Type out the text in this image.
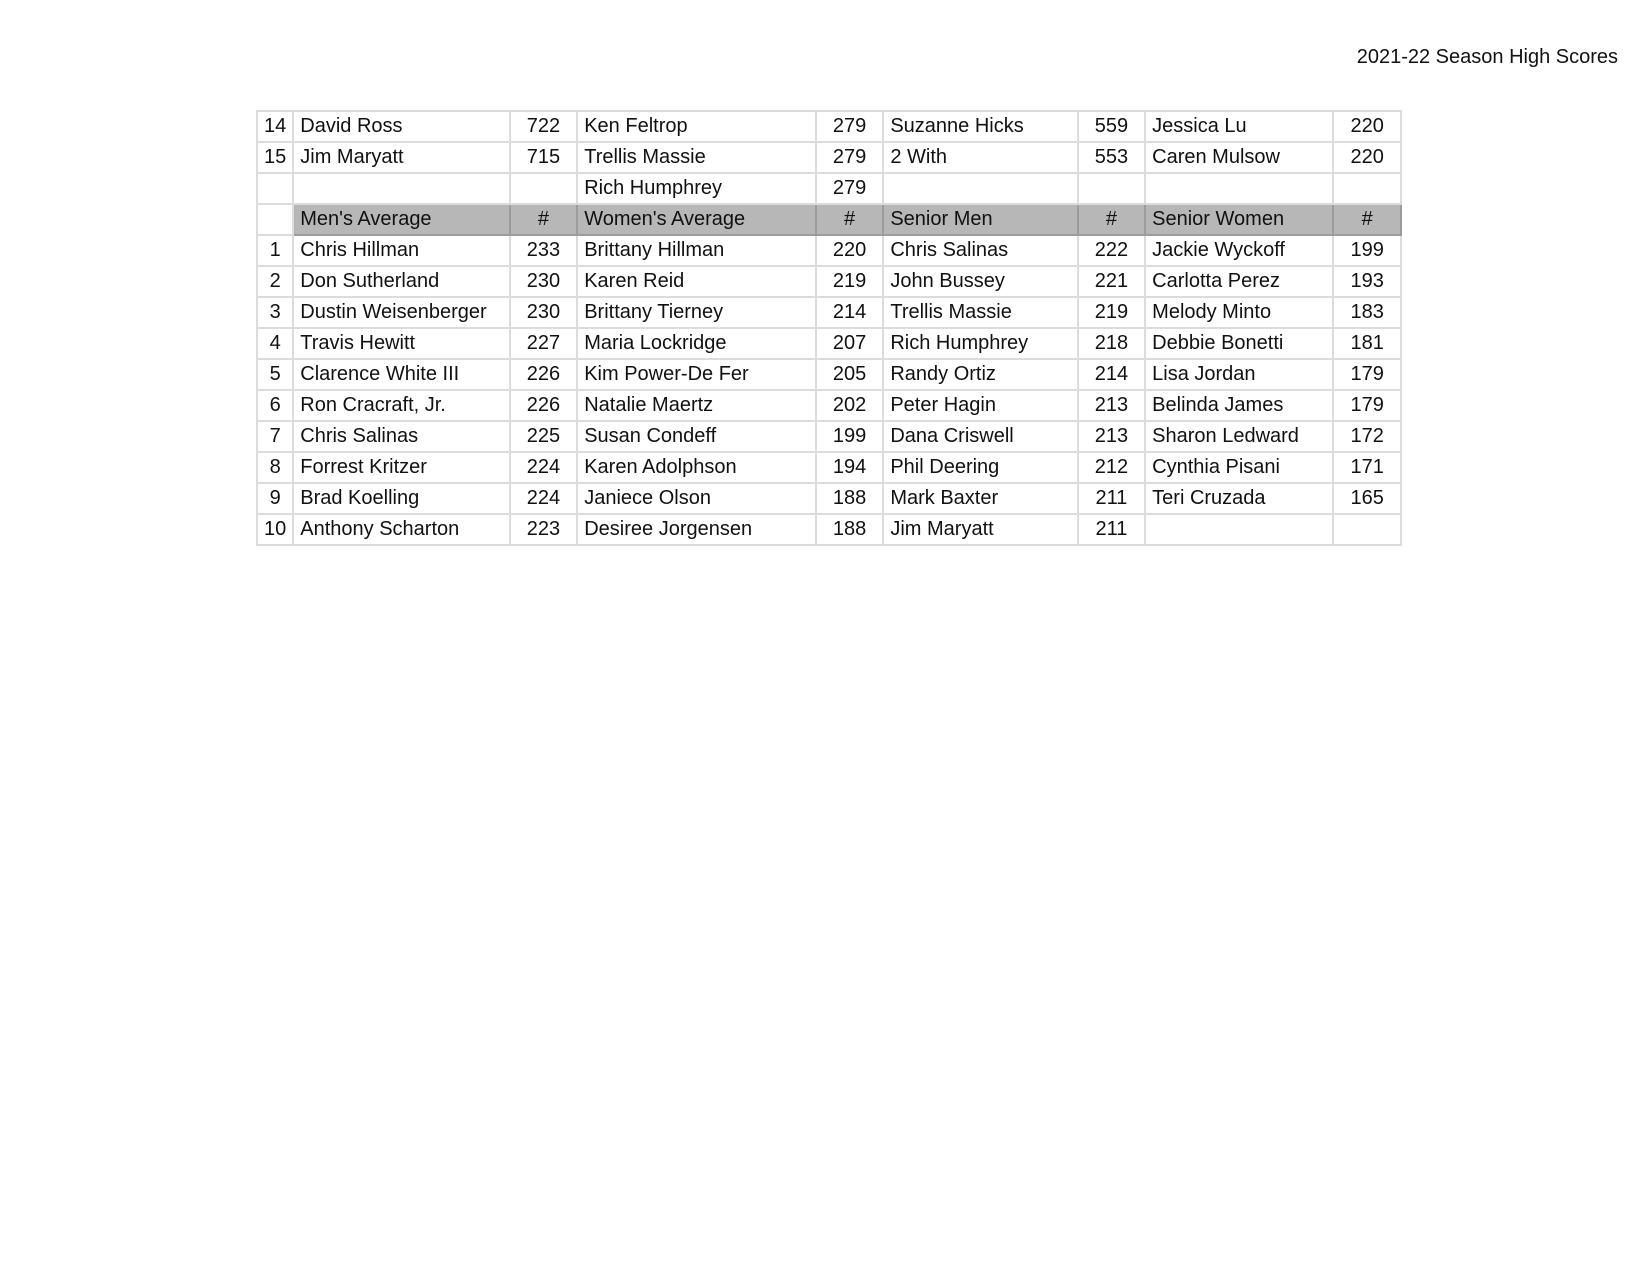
2021-22 Season High Scores
14	David Ross	722	Ken Feltrop	279	Suzanne Hicks	559	Jessica Lu	220
15	Jim Maryatt	715	Trellis Massie	279	2 With	553	Caren Mulsow	220
			Rich Humphrey	279				
	Men's Average	#	Women's Average	#	Senior Men	#	Senior Women	#
1	Chris Hillman	233	Brittany Hillman	220	Chris Salinas	222	Jackie Wyckoff	199
2	Don Sutherland	230	Karen Reid	219	John Bussey	221	Carlotta Perez	193
3	Dustin Weisenberger	230	Brittany Tierney	214	Trellis Massie	219	Melody Minto	183
4	Travis Hewitt	227	Maria Lockridge	207	Rich Humphrey	218	Debbie Bonetti	181
5	Clarence White III	226	Kim Power-De Fer	205	Randy Ortiz	214	Lisa Jordan	179
6	Ron Cracraft, Jr.	226	Natalie Maertz	202	Peter Hagin	213	Belinda James	179
7	Chris Salinas	225	Susan Condeff	199	Dana Criswell	213	Sharon Ledward	172
8	Forrest Kritzer	224	Karen Adolphson	194	Phil Deering	212	Cynthia Pisani	171
9	Brad Koelling	224	Janiece Olson	188	Mark Baxter	211	Teri Cruzada	165
10	Anthony Scharton	223	Desiree Jorgensen	188	Jim Maryatt	211		
